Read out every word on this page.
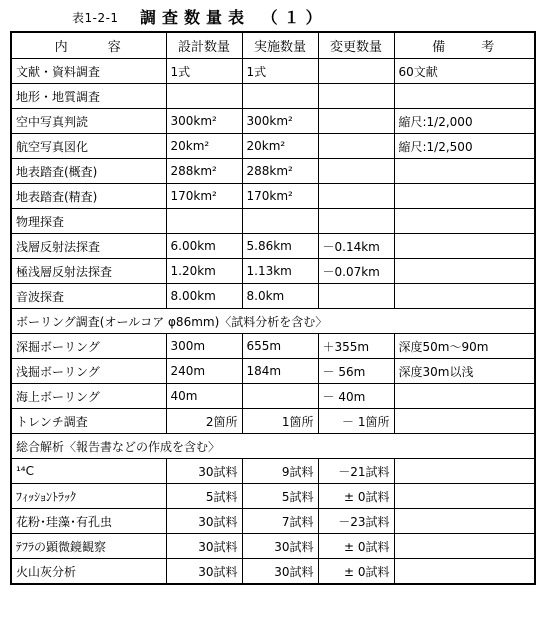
表1-2-1 調査数量表 （１）
内 容	設計数量	実施数量	変更数量	備 考
文献・資料調査	1式	1式		60文献
地形・地質調査				
空中写真判読	300km²	300km²		縮尺:1/2,000
航空写真図化	20km²	20km²		縮尺:1/2,500
地表踏査(概査)	288km²	288km²		
地表踏査(精査)	170km²	170km²		
物理探査				
浅層反射法探査	6.00km	5.86km	－0.14km	
極浅層反射法探査	1.20km	1.13km	－0.07km	
音波探査	8.00km	8.0km		
ボーリング調査(オールコア φ86mm)〈試料分析を含む〉				
深掘ボーリング	300m	655m	＋355m	深度50m～90m
浅掘ボーリング	240m	184m	－ 56m	深度30m以浅
海上ボーリング	40m		－ 40m	
トレンチ調査	2箇所	1箇所	－ 1箇所	
総合解析〈報告書などの作成を含む〉				
¹⁴C	30試料	9試料	－21試料	
ﾌｨｯｼｮﾝﾄﾗｯｸ	5試料	5試料	± 0試料	
花粉･珪藻･有孔虫	30試料	7試料	－23試料	
ﾃﾌﾗの顕微鏡観察	30試料	30試料	± 0試料	
火山灰分析	30試料	30試料	± 0試料	
